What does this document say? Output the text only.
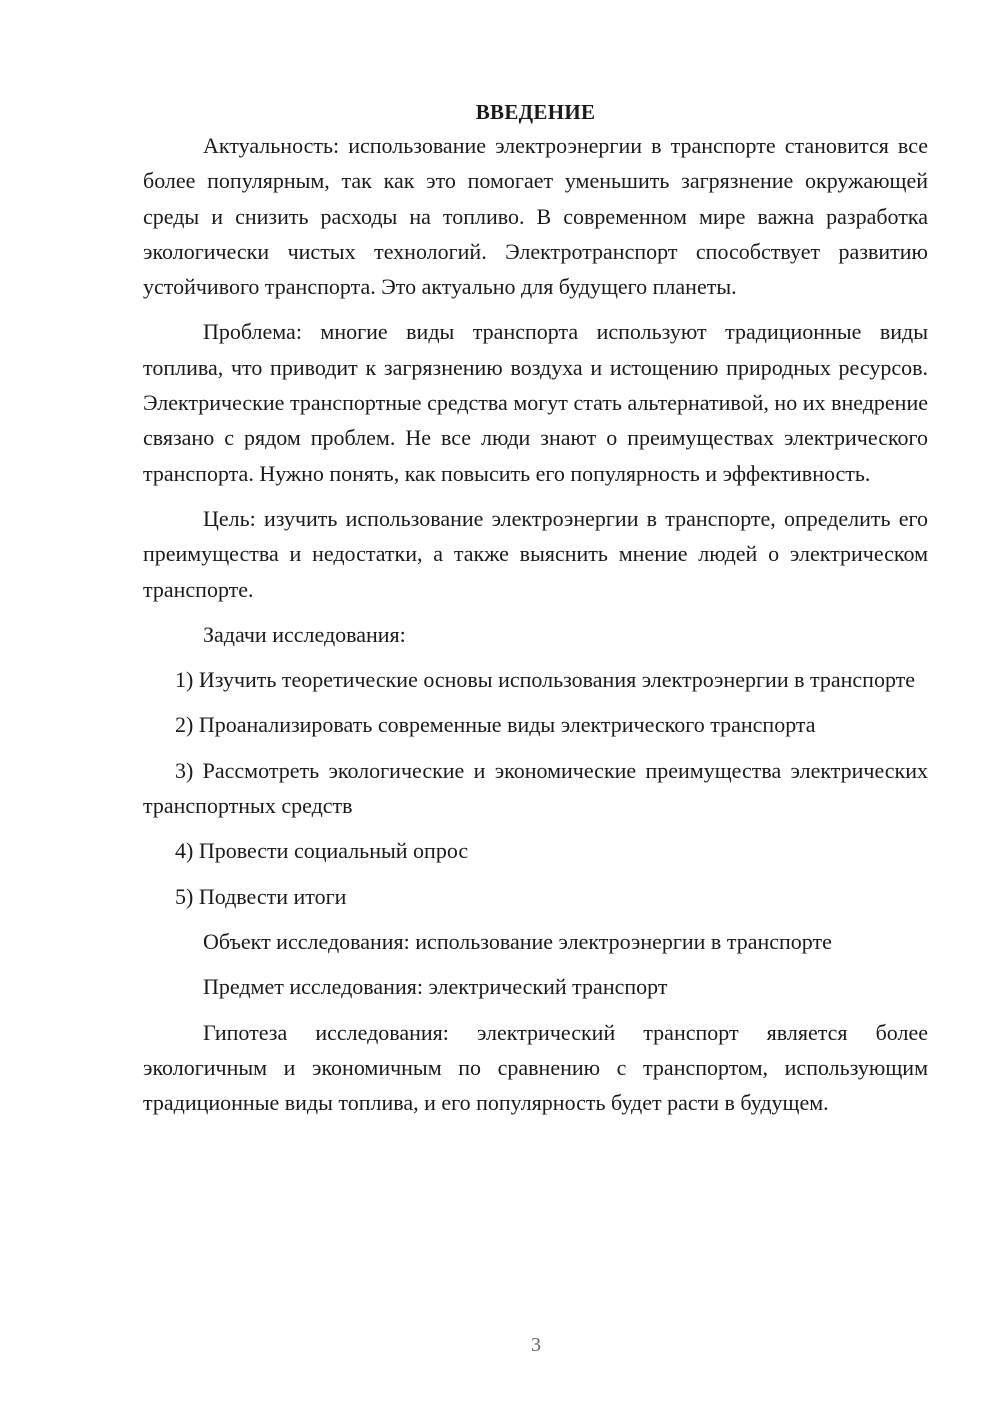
ВВЕДЕНИЕ

Актуальность: использование электроэнергии в транспорте становится все более популярным, так как это помогает уменьшить загрязнение окружающей среды и снизить расходы на топливо. В современном мире важна разработка экологически чистых технологий. Электротранспорт способствует развитию устойчивого транспорта. Это актуально для будущего планеты.

Проблема: многие виды транспорта используют традиционные виды топлива, что приводит к загрязнению воздуха и истощению природных ресурсов. Электрические транспортные средства могут стать альтернативой, но их внедрение связано с рядом проблем. Не все люди знают о преимуществах электрического транспорта. Нужно понять, как повысить его популярность и эффективность.

Цель: изучить использование электроэнергии в транспорте, определить его преимущества и недостатки, а также выяснить мнение людей о электрическом транспорте.

Задачи исследования:

1) Изучить теоретические основы использования электроэнергии в транспорте

2) Проанализировать современные виды электрического транспорта

3) Рассмотреть экологические и экономические преимущества электрических транспортных средств

4) Провести социальный опрос

5) Подвести итоги

Объект исследования: использование электроэнергии в транспорте

Предмет исследования: электрический транспорт

Гипотеза исследования: электрический транспорт является более экологичным и экономичным по сравнению с транспортом, использующим традиционные виды топлива, и его популярность будет расти в будущем.

3
